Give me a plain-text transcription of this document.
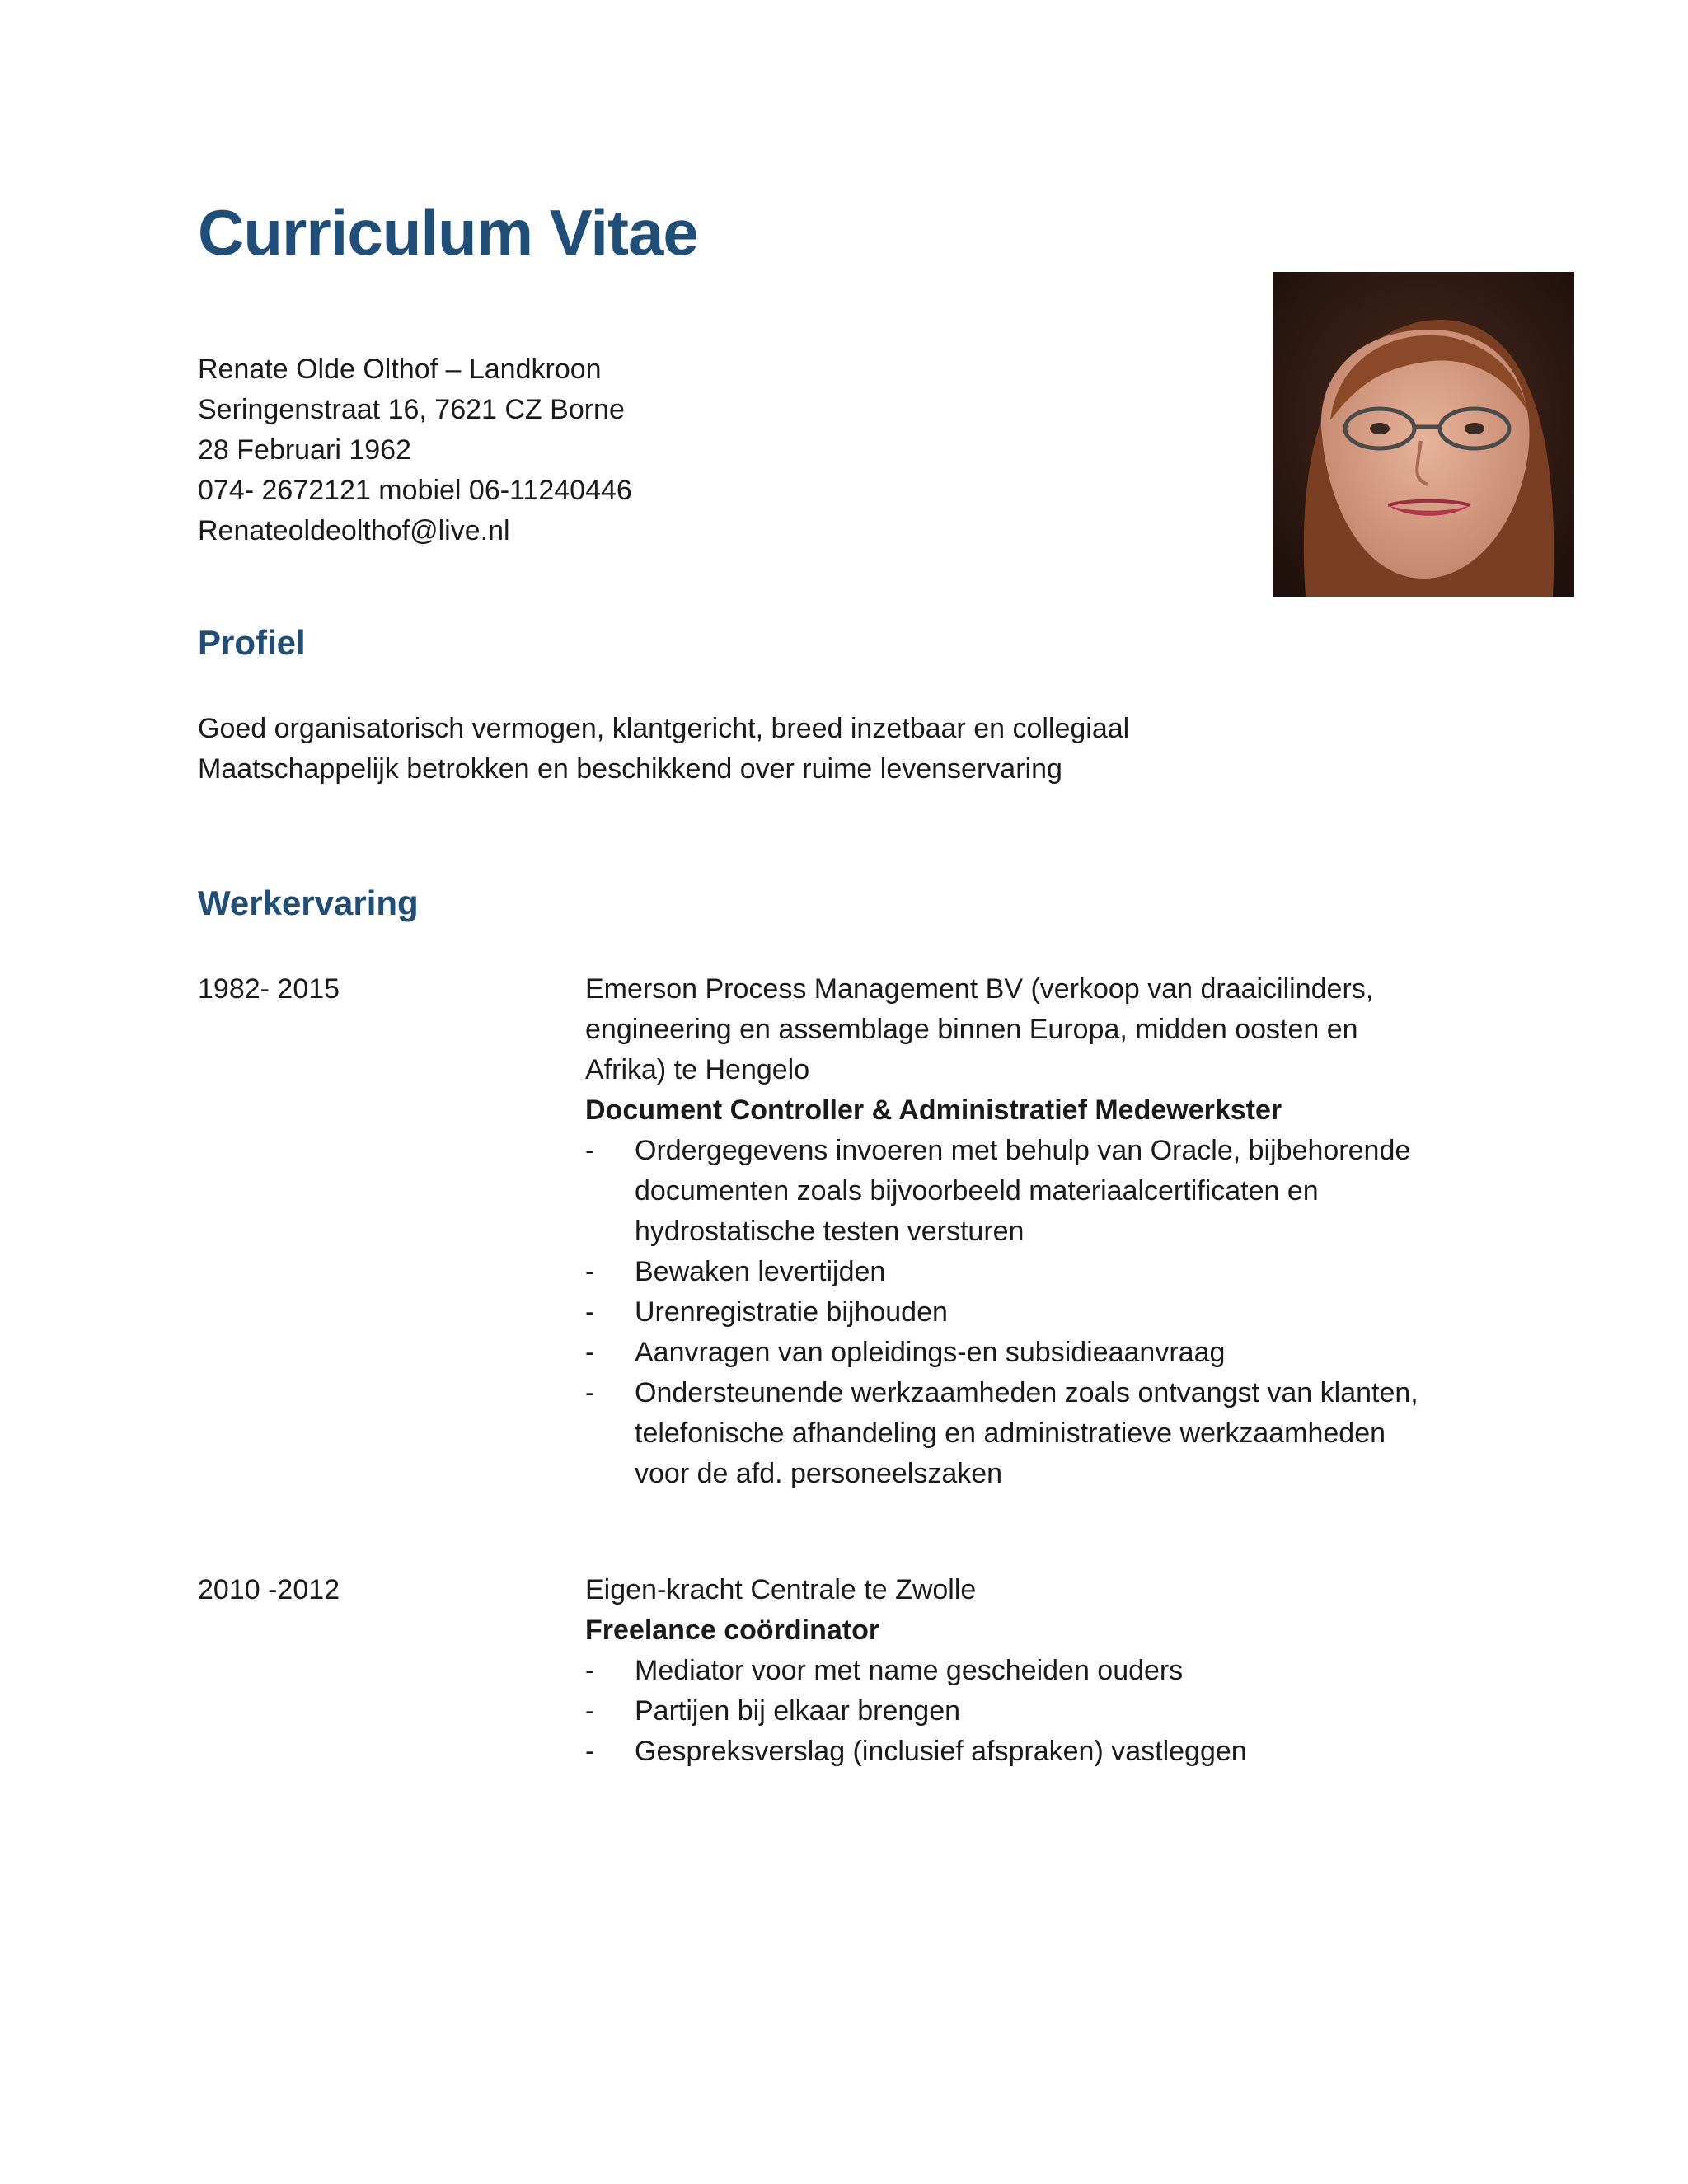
Curriculum Vitae
Renate Olde Olthof – Landkroon
Seringenstraat 16, 7621 CZ Borne
28 Februari 1962
074- 2672121 mobiel 06-11240446
Renateoldeolthof@live.nl
Profiel
Goed organisatorisch vermogen, klantgericht, breed inzetbaar en collegiaal
Maatschappelijk betrokken en beschikkend over ruime levenservaring
Werkervaring
1982- 2015	Emerson Process Management BV (verkoop van draaicilinders,
engineering en assemblage binnen Europa, midden oosten en
Afrika) te Hengelo
Document Controller & Administratief Medewerkster
- Ordergegevens invoeren met behulp van Oracle, bijbehorende
documenten zoals bijvoorbeeld materiaalcertificaten en
hydrostatische testen versturen
- Bewaken levertijden
- Urenregistratie bijhouden
- Aanvragen van opleidings-en subsidieaanvraag
- Ondersteunende werkzaamheden zoals ontvangst van klanten,
telefonische afhandeling en administratieve werkzaamheden
voor de afd. personeelszaken
2010 -2012	Eigen-kracht Centrale te Zwolle
Freelance coördinator
- Mediator voor met name gescheiden ouders
- Partijen bij elkaar brengen
- Gespreksverslag (inclusief afspraken) vastleggen
